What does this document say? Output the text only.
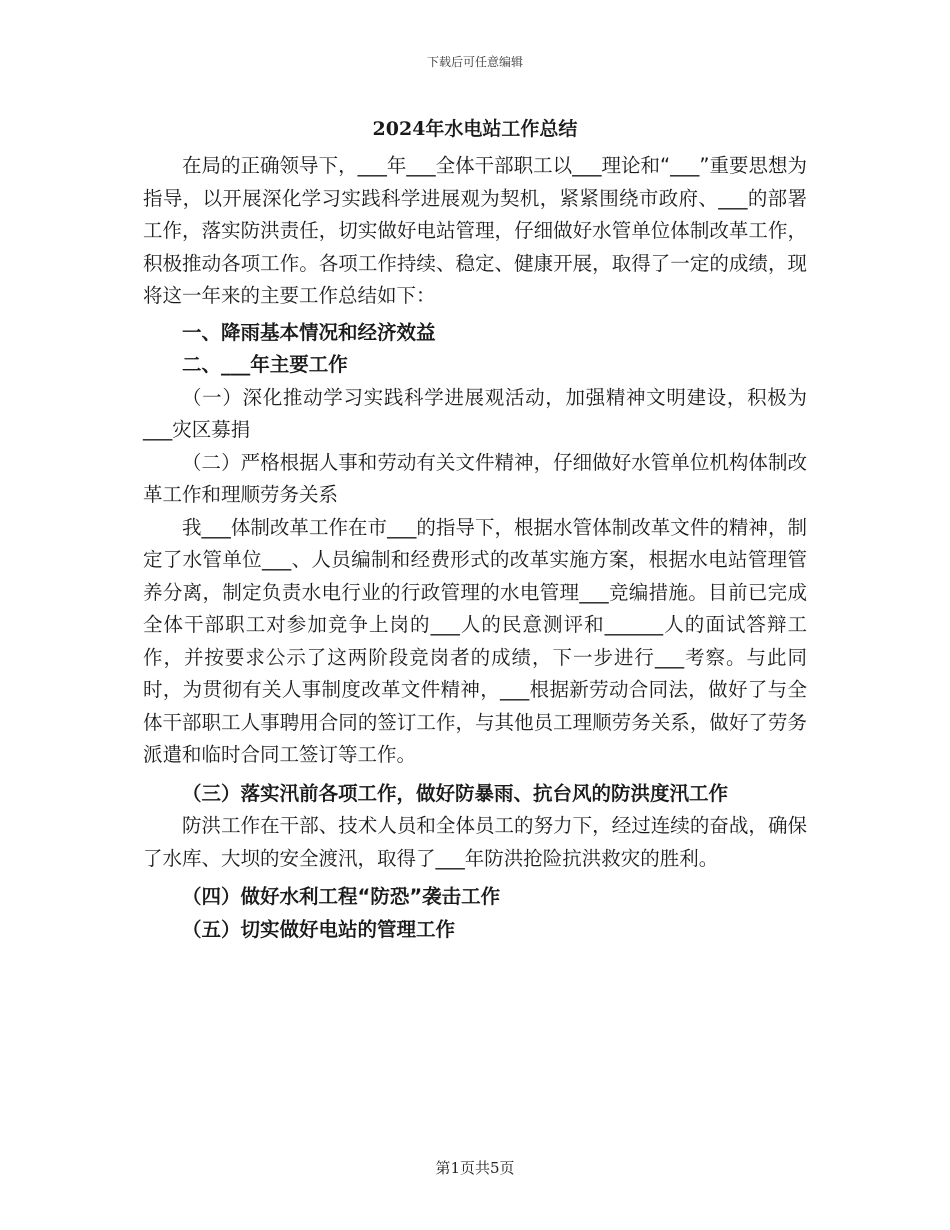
下载后可任意编辑
2024年水电站工作总结

在局的正确领导下，___年___全体干部职工以___理论和“___”重要思想为指导，以开展深化学习实践科学进展观为契机，紧紧围绕市政府、___的部署工作，落实防洪责任，切实做好电站管理，仔细做好水管单位体制改革工作，积极推动各项工作。各项工作持续、稳定、健康开展，取得了一定的成绩，现将这一年来的主要工作总结如下：

一、降雨基本情况和经济效益

二、___年主要工作

（一）深化推动学习实践科学进展观活动，加强精神文明建设，积极为___灾区募捐

（二）严格根据人事和劳动有关文件精神，仔细做好水管单位机构体制改革工作和理顺劳务关系

我___体制改革工作在市___的指导下，根据水管体制改革文件的精神，制定了水管单位___、人员编制和经费形式的改革实施方案，根据水电站管理管养分离，制定负责水电行业的行政管理的水电管理___竞编措施。目前已完成全体干部职工对参加竞争上岗的___人的民意测评和______人的面试答辩工作，并按要求公示了这两阶段竞岗者的成绩，下一步进行___考察。与此同时，为贯彻有关人事制度改革文件精神，___根据新劳动合同法，做好了与全体干部职工人事聘用合同的签订工作，与其他员工理顺劳务关系，做好了劳务派遣和临时合同工签订等工作。

（三）落实汛前各项工作，做好防暴雨、抗台风的防洪度汛工作

防洪工作在干部、技术人员和全体员工的努力下，经过连续的奋战，确保了水库、大坝的安全渡汛，取得了___年防洪抢险抗洪救灾的胜利。

（四）做好水利工程“防恐”袭击工作

（五）切实做好电站的管理工作

第1页共5页
